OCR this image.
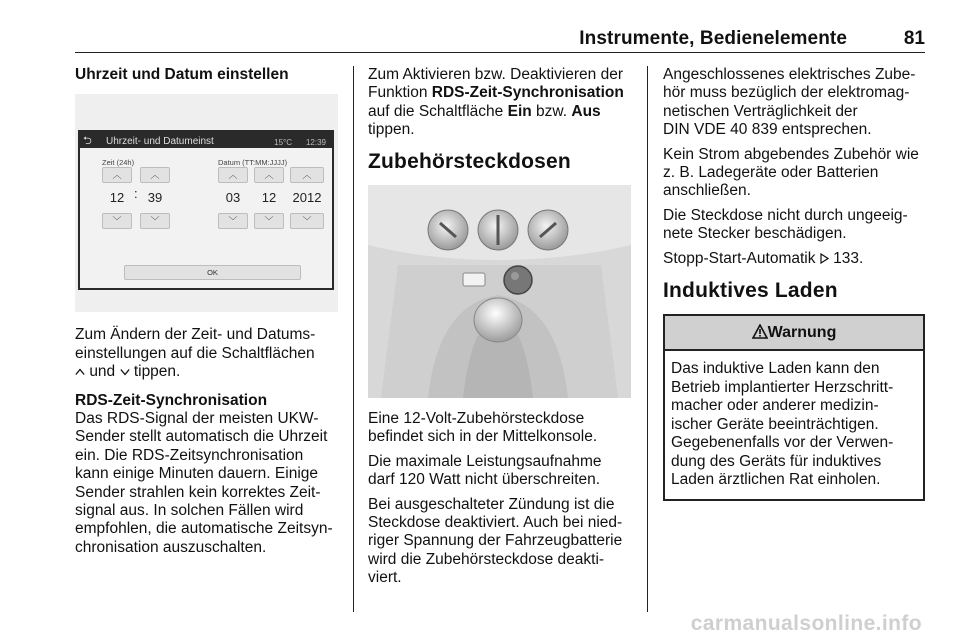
Instrumente, Bedienelemente	81

Uhrzeit und Datum einstellen

⮌ Uhrzeit- und Datumeinst	15°C 12:39
Zeit (24h)	Datum (TT:MM:JJJJ)
︿
12
﹀
:
︿
39
﹀
︿
03
﹀
︿
12
﹀
︿
2012
﹀
OK

Zum Ändern der Zeit- und Datums-
einstellungen auf die Schaltflächen
und tippen.

RDS-Zeit-Synchronisation

Das RDS-Signal der meisten UKW-
Sender stellt automatisch die Uhrzeit
ein. Die RDS-Zeitsynchronisation
kann einige Minuten dauern. Einige
Sender strahlen kein korrektes Zeit-
signal aus. In solchen Fällen wird
empfohlen, die automatische Zeitsyn-
chronisation auszuschalten.

Zum Aktivieren bzw. Deaktivieren der
Funktion RDS-Zeit-Synchronisation
auf die Schaltfläche Ein bzw. Aus
tippen.

Zubehörsteckdosen

Eine 12-Volt-Zubehörsteckdose
befindet sich in der Mittelkonsole.

Die maximale Leistungsaufnahme
darf 120 Watt nicht überschreiten.

Bei ausgeschalteter Zündung ist die
Steckdose deaktiviert. Auch bei nied-
riger Spannung der Fahrzeugbatterie
wird die Zubehörsteckdose deakti-
viert.

Angeschlossenes elektrisches Zube-
hör muss bezüglich der elektromag-
netischen Verträglichkeit der
DIN VDE 40 839 entsprechen.

Kein Strom abgebendes Zubehör wie
z. B. Ladegeräte oder Batterien
anschließen.

Die Steckdose nicht durch ungeeig-
nete Stecker beschädigen.

Stopp-Start-Automatik 133.

Induktives Laden
Warnung
Das induktive Laden kann den
Betrieb implantierter Herzschritt-
macher oder anderer medizin-
ischer Geräte beeinträchtigen.
Gegebenenfalls vor der Verwen-
dung des Geräts für induktives
Laden ärztlichen Rat einholen.
carmanualsonline.info
